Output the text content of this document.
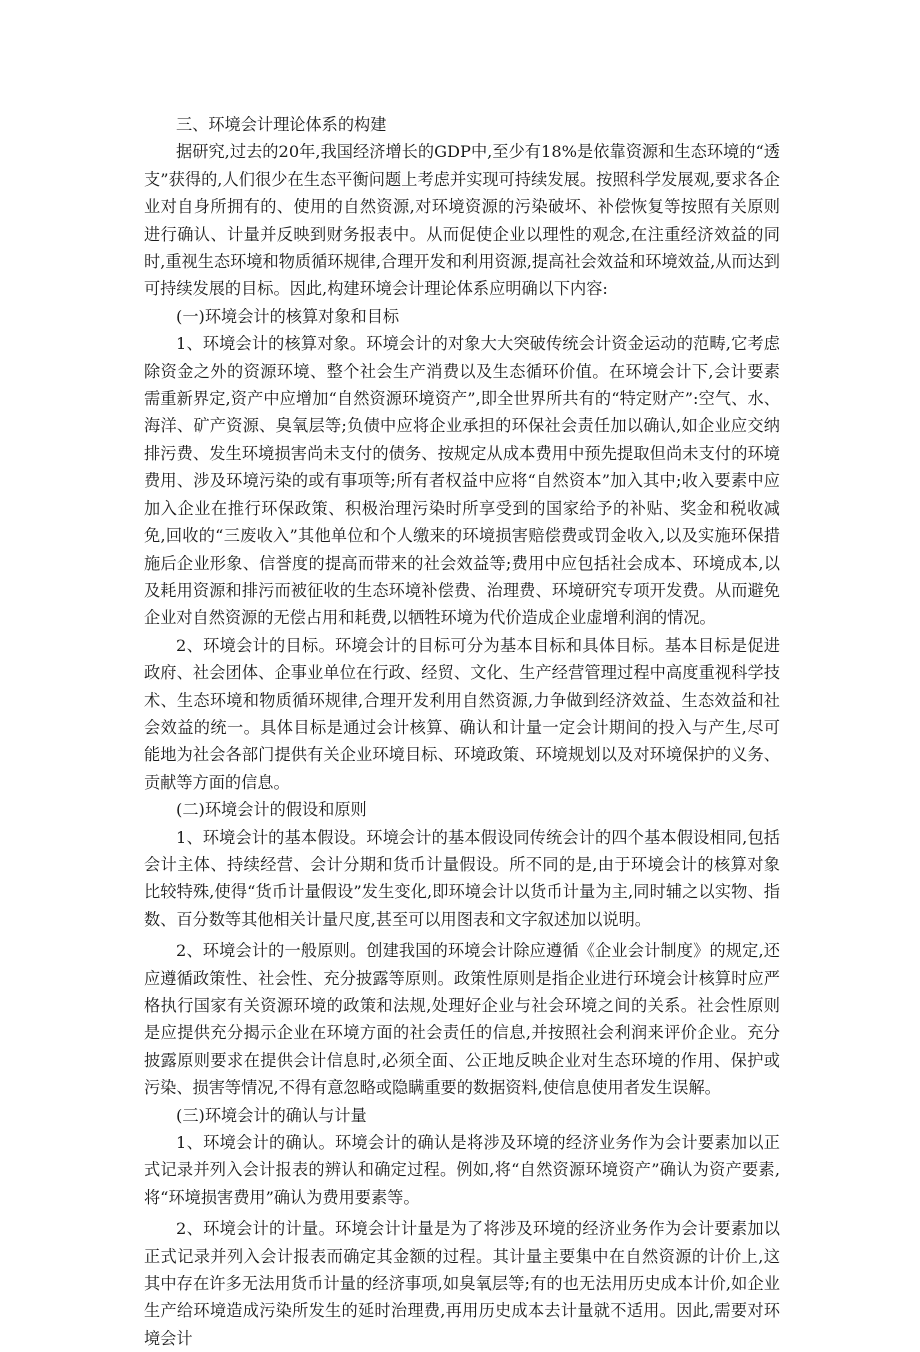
三、环境会计理论体系的构建

据研究,过去的20年,我国经济增长的GDP中,至少有18%是依靠资源和生态环境的“透支”获得的,人们很少在生态平衡问题上考虑并实现可持续发展。按照科学发展观,要求各企业对自身所拥有的、使用的自然资源,对环境资源的污染破坏、补偿恢复等按照有关原则进行确认、计量并反映到财务报表中。从而促使企业以理性的观念,在注重经济效益的同时,重视生态环境和物质循环规律,合理开发和利用资源,提高社会效益和环境效益,从而达到可持续发展的目标。因此,构建环境会计理论体系应明确以下内容:

(一)环境会计的核算对象和目标

1、环境会计的核算对象。环境会计的对象大大突破传统会计资金运动的范畴,它考虑除资金之外的资源环境、整个社会生产消费以及生态循环价值。在环境会计下,会计要素需重新界定,资产中应增加“自然资源环境资产”,即全世界所共有的“特定财产”:空气、水、海洋、矿产资源、臭氧层等;负债中应将企业承担的环保社会责任加以确认,如企业应交纳排污费、发生环境损害尚未支付的债务、按规定从成本费用中预先提取但尚未支付的环境费用、涉及环境污染的或有事项等;所有者权益中应将“自然资本”加入其中;收入要素中应加入企业在推行环保政策、积极治理污染时所享受到的国家给予的补贴、奖金和税收减免,回收的“三废收入”其他单位和个人缴来的环境损害赔偿费或罚金收入,以及实施环保措施后企业形象、信誉度的提高而带来的社会效益等;费用中应包括社会成本、环境成本,以及耗用资源和排污而被征收的生态环境补偿费、治理费、环境研究专项开发费。从而避免企业对自然资源的无偿占用和耗费,以牺牲环境为代价造成企业虚增利润的情况。

2、环境会计的目标。环境会计的目标可分为基本目标和具体目标。基本目标是促进政府、社会团体、企事业单位在行政、经贸、文化、生产经营管理过程中高度重视科学技术、生态环境和物质循环规律,合理开发利用自然资源,力争做到经济效益、生态效益和社会效益的统一。具体目标是通过会计核算、确认和计量一定会计期间的投入与产生,尽可能地为社会各部门提供有关企业环境目标、环境政策、环境规划以及对环境保护的义务、贡献等方面的信息。

(二)环境会计的假设和原则

1、环境会计的基本假设。环境会计的基本假设同传统会计的四个基本假设相同,包括会计主体、持续经营、会计分期和货币计量假设。所不同的是,由于环境会计的核算对象比较特殊,使得“货币计量假设”发生变化,即环境会计以货币计量为主,同时辅之以实物、指数、百分数等其他相关计量尺度,甚至可以用图表和文字叙述加以说明。

2、环境会计的一般原则。创建我国的环境会计除应遵循《企业会计制度》的规定,还应遵循政策性、社会性、充分披露等原则。政策性原则是指企业进行环境会计核算时应严格执行国家有关资源环境的政策和法规,处理好企业与社会环境之间的关系。社会性原则是应提供充分揭示企业在环境方面的社会责任的信息,并按照社会利润来评价企业。充分披露原则要求在提供会计信息时,必须全面、公正地反映企业对生态环境的作用、保护或污染、损害等情况,不得有意忽略或隐瞒重要的数据资料,使信息使用者发生误解。

(三)环境会计的确认与计量

1、环境会计的确认。环境会计的确认是将涉及环境的经济业务作为会计要素加以正式记录并列入会计报表的辨认和确定过程。例如,将“自然资源环境资产”确认为资产要素,将“环境损害费用”确认为费用要素等。

2、环境会计的计量。环境会计计量是为了将涉及环境的经济业务作为会计要素加以正式记录并列入会计报表而确定其金额的过程。其计量主要集中在自然资源的计价上,这其中存在许多无法用货币计量的经济事项,如臭氧层等;有的也无法用历史成本计价,如企业生产给环境造成污染所发生的延时治理费,再用历史成本去计量就不适用。因此,需要对环境会计
